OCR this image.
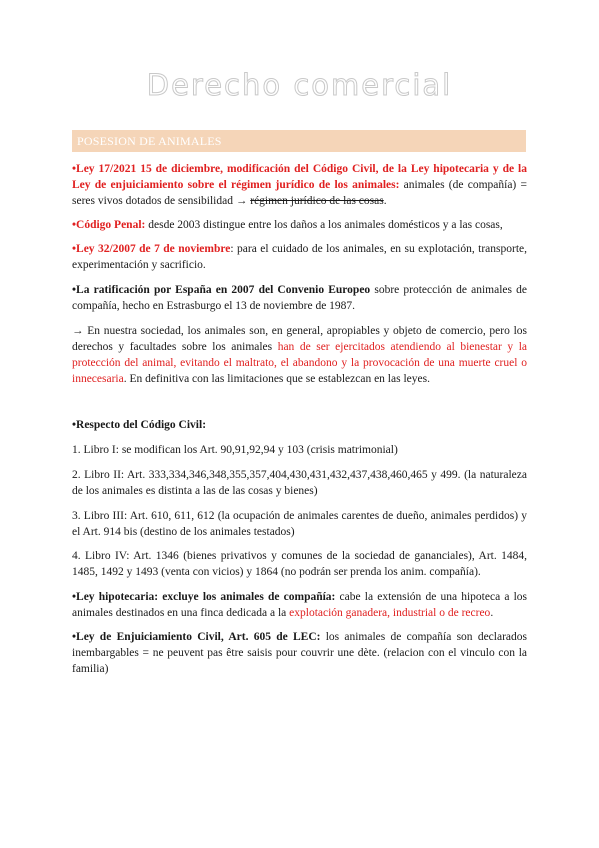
Derecho comercial
POSESION DE ANIMALES
•Ley 17/2021 15 de diciembre, modificación del Código Civil, de la Ley hipotecaria y de la Ley de enjuiciamiento sobre el régimen jurídico de los animales: animales (de compañía) = seres vivos dotados de sensibilidad → régimen jurídico de las cosas.
•Código Penal: desde 2003 distingue entre los daños a los animales domésticos y a las cosas,
•Ley 32/2007 de 7 de noviembre: para el cuidado de los animales, en su explotación, transporte, experimentación y sacrificio.
•La ratificación por España en 2007 del Convenio Europeo sobre protección de animales de compañía, hecho en Estrasburgo el 13 de noviembre de 1987.
→ En nuestra sociedad, los animales son, en general, apropiables y objeto de comercio, pero los derechos y facultades sobre los animales han de ser ejercitados atendiendo al bienestar y la protección del animal, evitando el maltrato, el abandono y la provocación de una muerte cruel o innecesaria. En definitiva con las limitaciones que se establezcan en las leyes.
•Respecto del Código Civil:
1. Libro I: se modifican los Art. 90,91,92,94 y 103 (crisis matrimonial)
2. Libro II: Art. 333,334,346,348,355,357,404,430,431,432,437,438,460,465 y 499. (la naturaleza de los animales es distinta a las de las cosas y bienes)
3. Libro III: Art. 610, 611, 612 (la ocupación de animales carentes de dueño, animales perdidos) y el Art. 914 bis (destino de los animales testados)
4. Libro IV: Art. 1346 (bienes privativos y comunes de la sociedad de gananciales), Art. 1484, 1485, 1492 y 1493 (venta con vicios) y 1864 (no podrán ser prenda los anim. compañía).
•Ley hipotecaria: excluye los animales de compañía: cabe la extensión de una hipoteca a los animales destinados en una finca dedicada a la explotación ganadera, industrial o de recreo.
•Ley de Enjuiciamiento Civil, Art. 605 de LEC: los animales de compañía son declarados inembargables = ne peuvent pas être saisis pour couvrir une dète. (relacion con el vinculo con la familia)
